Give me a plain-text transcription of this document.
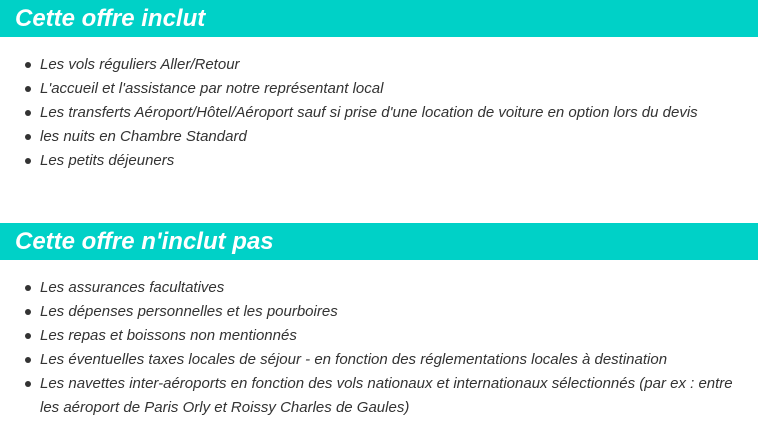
Cette offre inclut
Les vols réguliers Aller/Retour
L'accueil et l'assistance par notre représentant local
Les transferts Aéroport/Hôtel/Aéroport sauf si prise d'une location de voiture en option lors du devis
les nuits en Chambre Standard
Les petits déjeuners
Cette offre n'inclut pas
Les assurances facultatives
Les dépenses personnelles et les pourboires
Les repas et boissons non mentionnés
Les éventuelles taxes locales de séjour - en fonction des réglementations locales à destination
Les navettes inter-aéroports en fonction des vols nationaux et internationaux sélectionnés (par ex : entre les aéroport de Paris Orly et Roissy Charles de Gaules)
